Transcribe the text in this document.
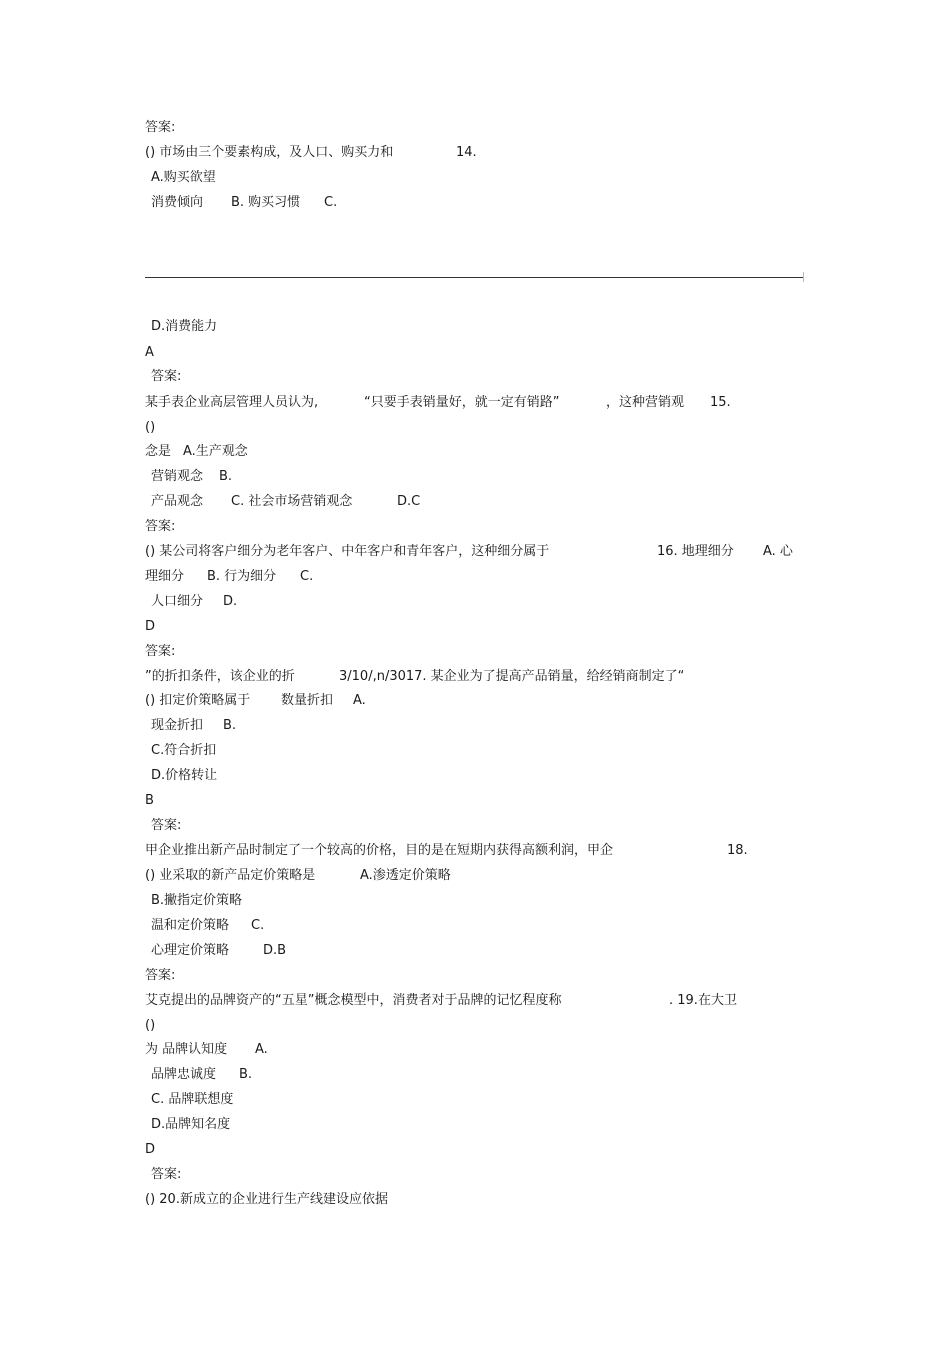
答案:
() 市场由三个要素构成，及人口、购买力和	14.
A.购买欲望
消费倾向 B. 购买习惯 C.
D.消费能力
A
答案:
某手表企业高层管理人员认为,	“只要手表销量好，就一定有销路”	，这种营销观 15.
()
念是 A.生产观念
营销观念 B.
产品观念 C. 社会市场营销观念	D.C
答案:
() 某公司将客户细分为老年客户、中年客户和青年客户，这种细分属于	16. 地理细分 A. 心
理细分 B. 行为细分 C.
人口细分 D.
D
答案:
”的折扣条件，该企业的折	3/10/,n/3017. 某企业为了提高产品销量，给经销商制定了“
() 扣定价策略属于 数量折扣 A.
现金折扣 B.
C.符合折扣
D.价格转让
B
答案:
甲企业推出新产品时制定了一个较高的价格，目的是在短期内获得高额利润，甲企	18.
() 业采取的新产品定价策略是	A.渗透定价策略
B.撇指定价策略
温和定价策略 C.
心理定价策略	D.B
答案:
艾克提出的品牌资产的“五星”概念模型中，消费者对于品牌的记忆程度称	. 19.在大卫
()
为 品牌认知度 A.
品牌忠诚度 B.
C. 品牌联想度
D.品牌知名度
D
答案:
() 20.新成立的企业进行生产线建设应依据
